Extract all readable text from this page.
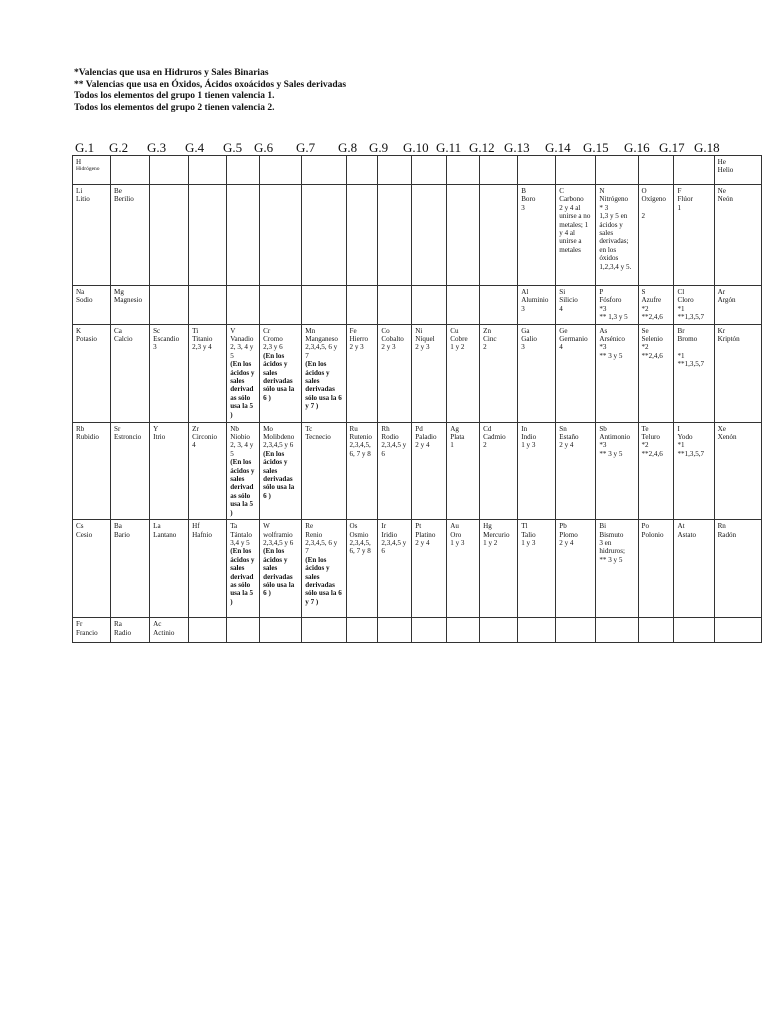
*Valencias que usa en Hidruros y Sales Binarias
** Valencias que usa en Óxidos, Ácidos oxoácidos y Sales derivadas
Todos los elementos del grupo 1 tienen valencia 1.
Todos los elementos del grupo 2 tienen valencia 2.
G.1 G.2 G.3 G.4 G.5 G.6 G.7 G.8 G.9 G.10 G.11 G.12 G.13 G.14 G.15 G.16 G.17 G.18
H
Hidrógeno																	He
Helio

Li
Litio	Be
Berilio											B
Boro
3	C
Carbono
2 y 4 al unirse a no metales; 1 y 4 al unirse a metales	N
Nitrógeno
* 3
1,3 y 5 en ácidos y sales derivadas; en los óxidos 1,2,3,4 y 5.	O
Oxígeno

2	F
Flúor
1	Ne
Neón

Na
Sodio	Mg
Magnesio											Al
Aluminio
3	Si
Silicio
4	P
Fósforo
*3
** 1,3 y 5	S
Azufre
*2
**2,4,6	Cl
Cloro
*1
**1,3,5,7	Ar
Argón

K
Potasio	Ca
Calcio	Sc
Escandio
3	Ti
Titanio
2,3 y 4	V
Vanadio
2, 3, 4 y 5
(En los ácidos y sales derivad as sólo usa la 5 )	Cr
Cromo
2,3 y 6
(En los ácidos y sales derivadas sólo usa la 6 )	Mn
Manganeso
2,3,4,5, 6 y 7
(En los ácidos y sales derivadas sólo usa la 6 y 7 )	Fe
Hierro
2 y 3	Co
Cobalto
2 y 3	Ni
Níquel
2 y 3	Cu
Cobre
1 y 2	Zn
Cinc
2	Ga
Galio
3	Ge
Germanio
4	As
Arsénico
*3
** 3 y 5	Se
Selenio
*2
**2,4,6	Br
Bromo

*1
**1,3,5,7	Kr
Kriptón

Rb
Rubidio	Sr
Estroncio	Y
Itrio	Zr
Circonio
4	Nb
Niobio
2, 3, 4 y 5
(En los ácidos y sales derivad as sólo usa la 5 )	Mo
Molibdeno
2,3,4,5 y 6
(En los ácidos y sales derivadas sólo usa la 6 )	Tc
Tecnecio	Ru
Rutenio
2,3,4,5, 6, 7 y 8	Rh
Rodio
2,3,4,5 y 6	Pd
Paladio
2 y 4	Ag
Plata
1	Cd
Cadmio
2	In
Indio
1 y 3	Sn
Estaño
2 y 4	Sb
Antimonio
*3
** 3 y 5	Te
Teluro
*2
**2,4,6	I
Yodo
*1
**1,3,5,7	Xe
Xenón

Cs
Cesio	Ba
Bario	La
Lantano	Hf
Hafnio	Ta
Tántalo
3,4 y 5
(En los ácidos y sales derivad as sólo usa la 5 )	W
wolframio
2,3,4,5 y 6
(En los ácidos y sales derivadas sólo usa la 6 )	Re
Renio
2,3,4,5, 6 y 7
(En los ácidos y sales derivadas sólo usa la 6 y 7 )	Os
Osmio
2,3,4,5, 6, 7 y 8	Ir
Iridio
2,3,4,5 y 6	Pt
Platino
2 y 4	Au
Oro
1 y 3	Hg
Mercurio
1 y 2	Tl
Talio
1 y 3	Pb
Plomo
2 y 4	Bi
Bismuto
3 en hidruros;
** 3 y 5	Po
Polonio	At
Astato	Rn
Radón

Fr
Francio	Ra
Radio	Ac
Actinio															
